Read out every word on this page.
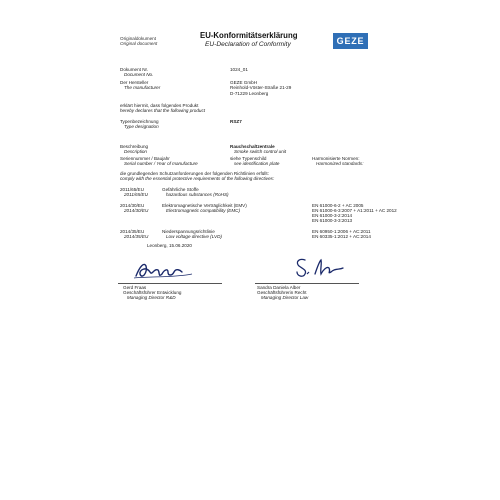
Originaldokument
Original document
EU-Konformitätserklärung
EU-Declaration of Conformity	GEZE
Dokument Nr.
Document No.
1024_01
Der Hersteller
The manufacturer
GEZE GmbH
Reinhold-Vöster-Straße 21-29
D-71229 Leonberg
erklärt hiermit, dass folgendes Produkt
hereby declares that the following product
Typenbezeichnung
Type designation
RSZ7
Beschreibung
Description
Rauchschaltzentrale
Smoke switch control unit
Seriennummer / Baujahr
Serial number / Year of manufacture
siehe Typenschild
see identification plate
Harmonisierte Normen:
Harmonized standards:
die grundlegenden Schutzanforderungen der folgenden Richtlinien erfüllt:
comply with the essential protective requirements of the following directives:
2011/65/EU
2011/65/EU
Gefährliche Stoffe
hazardous substances (RoHS)
2014/30/EU
2014/30/EU
Elektromagnetische Verträglichkeit (EMV)
Electromagnetic compatibility (EMC)
EN 61000-6-2 + AC 2005
EN 61000-6-3:2007 + A1:2011 + AC 2012
EN 61000-3-2:2014
EN 61000-3-3:2013
2014/35/EU
2014/35/EU
Niederspannungsrichtlinie
Low voltage directive (LVD)
EN 60950-1:2006 + AC:2011
EN 60335-1:2012 + AC:2014
Leonberg, 15.06.2020
Gerd Fraas
Geschäftsführer Entwicklung
Managing Director R&D
Sandra Daniela Alber
Geschäftsführerin Recht
Managing Director Law
